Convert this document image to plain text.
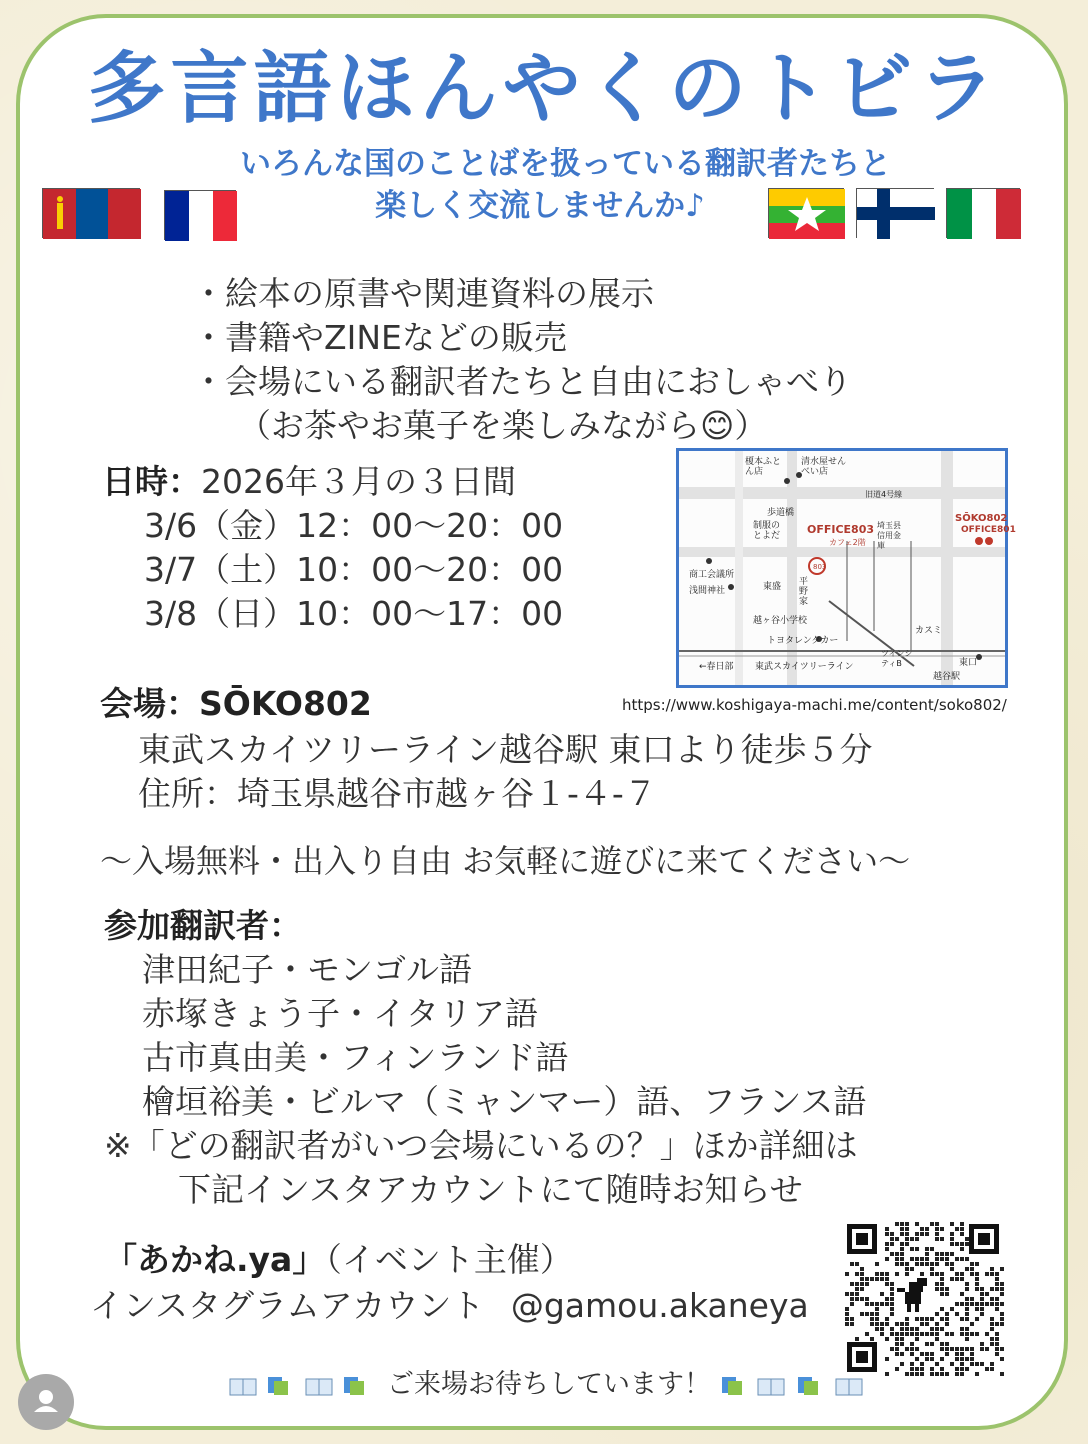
多言語ほんやくのトビラ
いろんな国のことばを扱っている翻訳者たちと
楽しく交流しませんか♪
・絵本の原書や関連資料の展示
・書籍やZINEなどの販売
・会場にいる翻訳者たちと自由におしゃべり
（お茶やお菓子を楽しみながら😊）
日時：2026年３月の３日間
3/6（金）12：00〜20：00
3/7（土）10：00〜20：00
3/8（日）10：00〜17：00
榎本ふとん店
清水屋せんべい店
旧道4号線
歩道橋
制服のとよだ OFFICE803
カフェ2階
埼玉县信用金庫
SŌKO802
OFFICE801
商工会議所
浅間神社	東盛 平野家
803
越ヶ谷小学校
トヨタレンタカー
カスミ
東口
越谷駅
←春日部 東武スカイツリーライン
ツインシティB
https://www.koshigaya-machi.me/content/soko802/
会場：SŌKO802
東武スカイツリーライン越谷駅 東口より徒歩５分
住所：埼玉県越谷市越ヶ谷１-４-７
〜入場無料・出入り自由 お気軽に遊びに来てください〜
参加翻訳者：
津田紀子・モンゴル語
赤塚きょう子・イタリア語
古市真由美・フィンランド語
檜垣裕美・ビルマ（ミャンマー）語、フランス語
※「どの翻訳者がいつ会場にいるの？」ほか詳細は
下記インスタアカウントにて随時お知らせ
「あかね.ya」（イベント主催）
インスタグラムアカウント @gamou.akaneya
ご来場お待ちしています！
